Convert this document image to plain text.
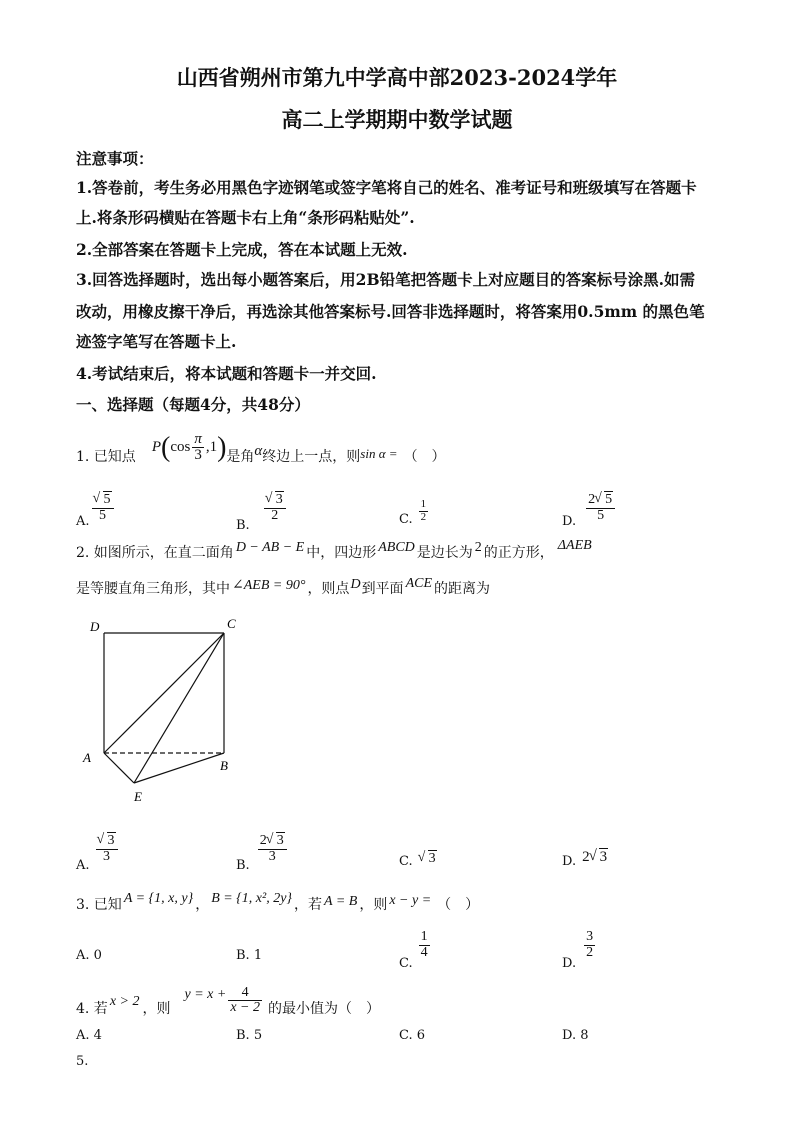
山西省朔州市第九中学高中部2023-2024学年
高二上学期期中数学试题
注意事项：
1.答卷前，考生务必用黑色字迹钢笔或签字笔将自己的姓名、准考证号和班级填写在答题卡
上.将条形码横贴在答题卡右上角“条形码粘贴处”.
2.全部答案在答题卡上完成，答在本试题上无效.
3.回答选择题时，选出每小题答案后，用2B铅笔把答题卡上对应题目的答案标号涂黑.如需
改动，用橡皮擦干净后，再选涂其他答案标号.回答非选择题时，将答案用0.5mm 的黑色笔
迹签字笔写在答题卡上.
4.考试结束后，将本试题和答题卡一并交回.
一、选择题（每题4分，共48分）
1. 已知点
P ( $\cos \frac{\pi}{3} ,1$ ) 是角 α 终边上一点，则 sin α = （　）
A. √ $\frac{5}{5}$
B.
√ $\frac{3}{2}$	C. $\frac{1}{2}$	D. $\frac{2 √ 5}{5}$
2. 如图所示，在直二面角 D − AB − E 中，四边形 ABCD 是边长为 2 的正方形， ΔAEB
是等腰直角三角形，其中 ∠AEB = 90° ，则点 D 到平面 ACE 的距离为
D	C
A
B
E
A.
√ $\frac{3}{3}$
B.
$\frac{2 √ 3}{3}$	C.	√ 3	D. 2 √ 3
3. 已知 A = {1, x, y} ， B = {1, x², 2y} ，若 A = B ，则 x − y = （　）
A. 0	B. 1
C.
$\frac{1}{4}$
D.
$\frac{3}{2}$
4. 若 x > 2 ，则
$y = x + \frac{4}{x - 2}$ 的最小值为（　）
A. 4	B. 5	C. 6	D. 8
5.
